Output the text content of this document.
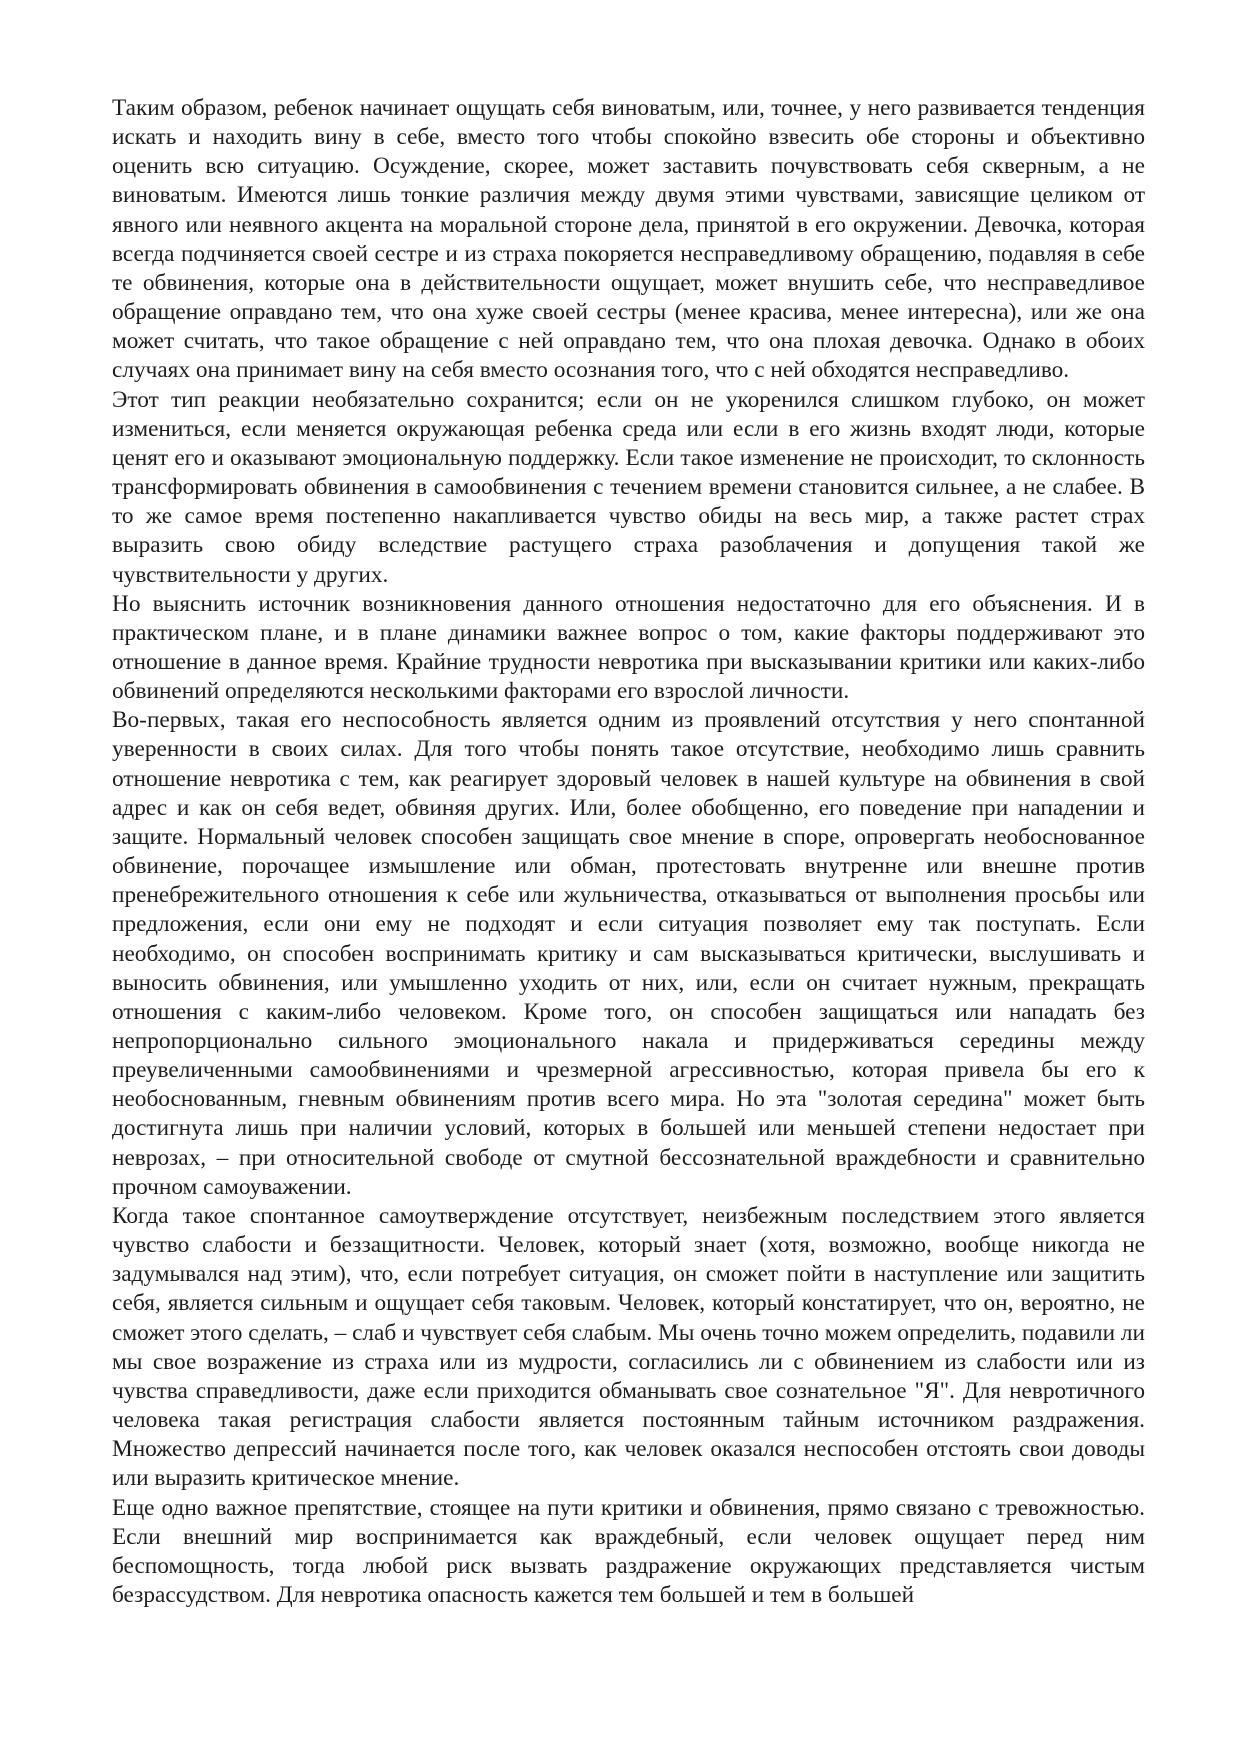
Таким образом, ребенок начинает ощущать себя виноватым, или, точнее, у него развивается тенденция искать и находить вину в себе, вместо того чтобы спокойно взвесить обе стороны и объективно оценить всю ситуацию. Осуждение, скорее, может заставить почувствовать себя скверным, а не виноватым. Имеются лишь тонкие различия между двумя этими чувствами, зависящие целиком от явного или неявного акцента на моральной стороне дела, принятой в его окружении. Девочка, которая всегда подчиняется своей сестре и из страха покоряется несправедливому обращению, подавляя в себе те обвинения, которые она в действительности ощущает, может внушить себе, что несправедливое обращение оправдано тем, что она хуже своей сестры (менее красива, менее интересна), или же она может считать, что такое обращение с ней оправдано тем, что она плохая девочка. Однако в обоих случаях она принимает вину на себя вместо осознания того, что с ней обходятся несправедливо.

Этот тип реакции необязательно сохранится; если он не укоренился слишком глубоко, он может измениться, если меняется окружающая ребенка среда или если в его жизнь входят люди, которые ценят его и оказывают эмоциональную поддержку. Если такое изменение не происходит, то склонность трансформировать обвинения в самообвинения с течением времени становится сильнее, а не слабее. В то же самое время постепенно накапливается чувство обиды на весь мир, а также растет страх выразить свою обиду вследствие растущего страха разоблачения и допущения такой же чувствительности у других.

Но выяснить источник возникновения данного отношения недостаточно для его объяснения. И в практическом плане, и в плане динамики важнее вопрос о том, какие факторы поддерживают это отношение в данное время. Крайние трудности невротика при высказывании критики или каких-либо обвинений определяются несколькими факторами его взрослой личности.

Во-первых, такая его неспособность является одним из проявлений отсутствия у него спонтанной уверенности в своих силах. Для того чтобы понять такое отсутствие, необходимо лишь сравнить отношение невротика с тем, как реагирует здоровый человек в нашей культуре на обвинения в свой адрес и как он себя ведет, обвиняя других. Или, более обобщенно, его поведение при нападении и защите. Нормальный человек способен защищать свое мнение в споре, опровергать необоснованное обвинение, порочащее измышление или обман, протестовать внутренне или внешне против пренебрежительного отношения к себе или жульничества, отказываться от выполнения просьбы или предложения, если они ему не подходят и если ситуация позволяет ему так поступать. Если необходимо, он способен воспринимать критику и сам высказываться критически, выслушивать и выносить обвинения, или умышленно уходить от них, или, если он считает нужным, прекращать отношения с каким-либо человеком. Кроме того, он способен защищаться или нападать без непропорционально сильного эмоционального накала и придерживаться середины между преувеличенными самообвинениями и чрезмерной агрессивностью, которая привела бы его к необоснованным, гневным обвинениям против всего мира. Но эта "золотая середина" может быть достигнута лишь при наличии условий, которых в большей или меньшей степени недостает при неврозах, – при относительной свободе от смутной бессознательной враждебности и сравнительно прочном самоуважении.

Когда такое спонтанное самоутверждение отсутствует, неизбежным последствием этого является чувство слабости и беззащитности. Человек, который знает (хотя, возможно, вообще никогда не задумывался над этим), что, если потребует ситуация, он сможет пойти в наступление или защитить себя, является сильным и ощущает себя таковым. Человек, который констатирует, что он, вероятно, не сможет этого сделать, – слаб и чувствует себя слабым. Мы очень точно можем определить, подавили ли мы свое возражение из страха или из мудрости, согласились ли с обвинением из слабости или из чувства справедливости, даже если приходится обманывать свое сознательное "Я". Для невротичного человека такая регистрация слабости является постоянным тайным источником раздражения. Множество депрессий начинается после того, как человек оказался неспособен отстоять свои доводы или выразить критическое мнение.

Еще одно важное препятствие, стоящее на пути критики и обвинения, прямо связано с тревожностью. Если внешний мир воспринимается как враждебный, если человек ощущает перед ним беспомощность, тогда любой риск вызвать раздражение окружающих представляется чистым безрассудством. Для невротика опасность кажется тем большей и тем в большей
